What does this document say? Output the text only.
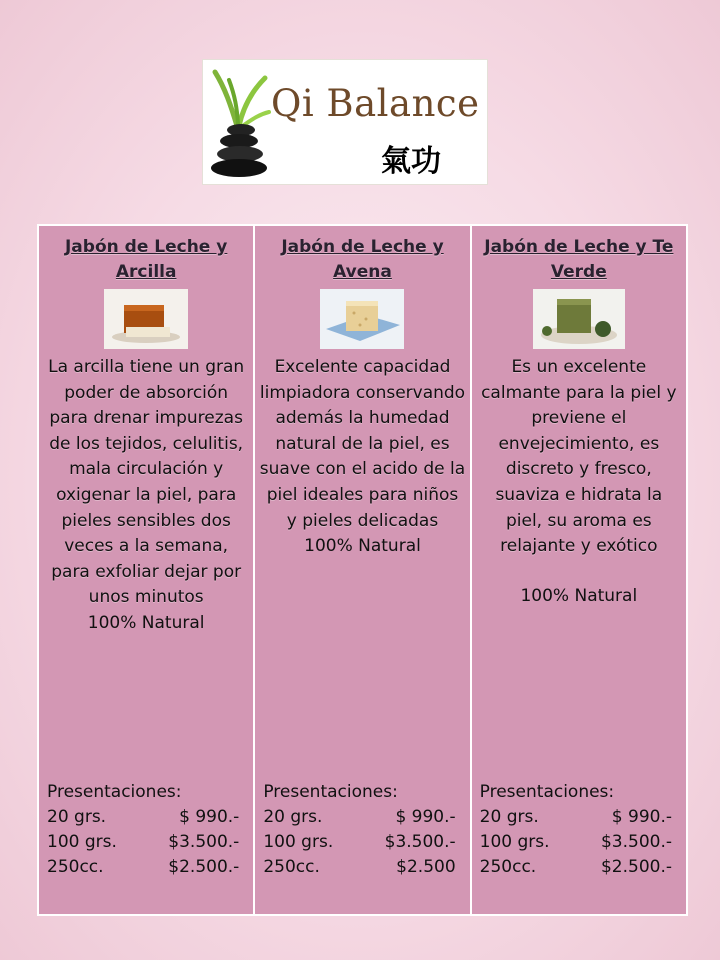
Qi Balance
氣功

Jabón de Leche y
Arcilla

La arcilla tiene un gran poder de absorción para drenar impurezas de los tejidos, celulitis, mala circulación y oxigenar la piel, para pieles sensibles dos veces a la semana, para exfoliar dejar por unos minutos

100% Natural

Presentaciones:
20 grs.	$ 990.-
100 grs.	$3.500.-
250cc.	$2.500.-

Jabón de Leche y
Avena

Excelente capacidad limpiadora conservando además la humedad natural de la piel, es suave con el acido de la piel ideales para niños y pieles delicadas

100% Natural

Presentaciones:
20 grs.	$ 990.-
100 grs.	$3.500.-
250cc.	$2.500

Jabón de Leche y Te
Verde

Es un excelente calmante para la piel y previene el envejecimiento, es discreto y fresco, suaviza e hidrata la piel, su aroma es relajante y exótico

100% Natural

Presentaciones:
20 grs.	$ 990.-
100 grs.	$3.500.-
250cc.	$2.500.-
